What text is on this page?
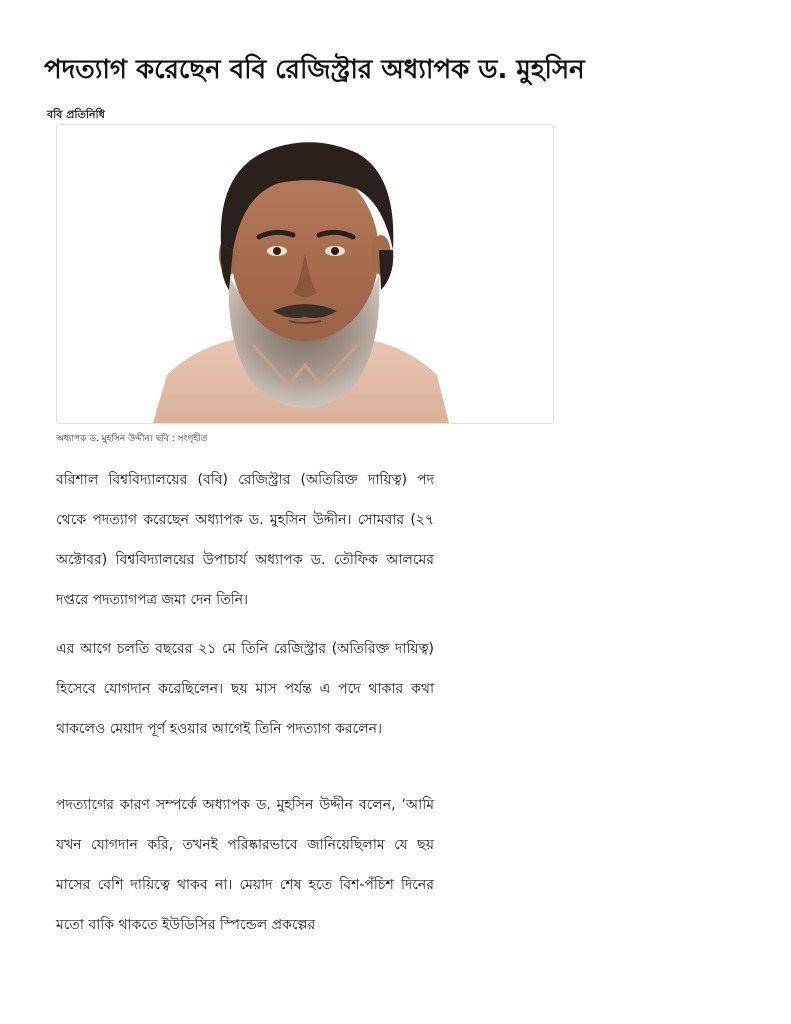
পদত্যাগ করেছেন ববি রেজিস্ট্রার অধ্যাপক ড. মুহসিন
ববি প্রতিনিধি
অধ্যাপক ড. মুহসিন উদ্দীন। ছবি : সংগৃহীত

বরিশাল বিশ্ববিদ্যালয়ের (ববি) রেজিস্ট্রার (অতিরিক্ত দায়িত্ব) পদ থেকে পদত্যাগ করেছেন অধ্যাপক ড. মুহসিন উদ্দীন। সোমবার (২৭ অক্টোবর) বিশ্ববিদ্যালয়ের উপাচার্য অধ্যাপক ড. তৌফিক আলমের দপ্তরে পদত্যাগপত্র জমা দেন তিনি।

এর আগে চলতি বছরের ২১ মে তিনি রেজিস্ট্রার (অতিরিক্ত দায়িত্ব) হিসেবে যোগদান করেছিলেন। ছয় মাস পর্যন্ত এ পদে থাকার কথা থাকলেও মেয়াদ পূর্ণ হওয়ার আগেই তিনি পদত্যাগ করলেন।

পদত্যাগের কারণ সম্পর্কে অধ্যাপক ড. মুহসিন উদ্দীন বলেন, ‘আমি যখন যোগদান করি, তখনই পরিষ্কারভাবে জানিয়েছিলাম যে ছয় মাসের বেশি দায়িত্বে থাকব না। মেয়াদ শেষ হতে বিশ-পঁচিশ দিনের মতো বাকি থাকতে ইউডিসির স্পিন্ডেল প্রকল্পের
